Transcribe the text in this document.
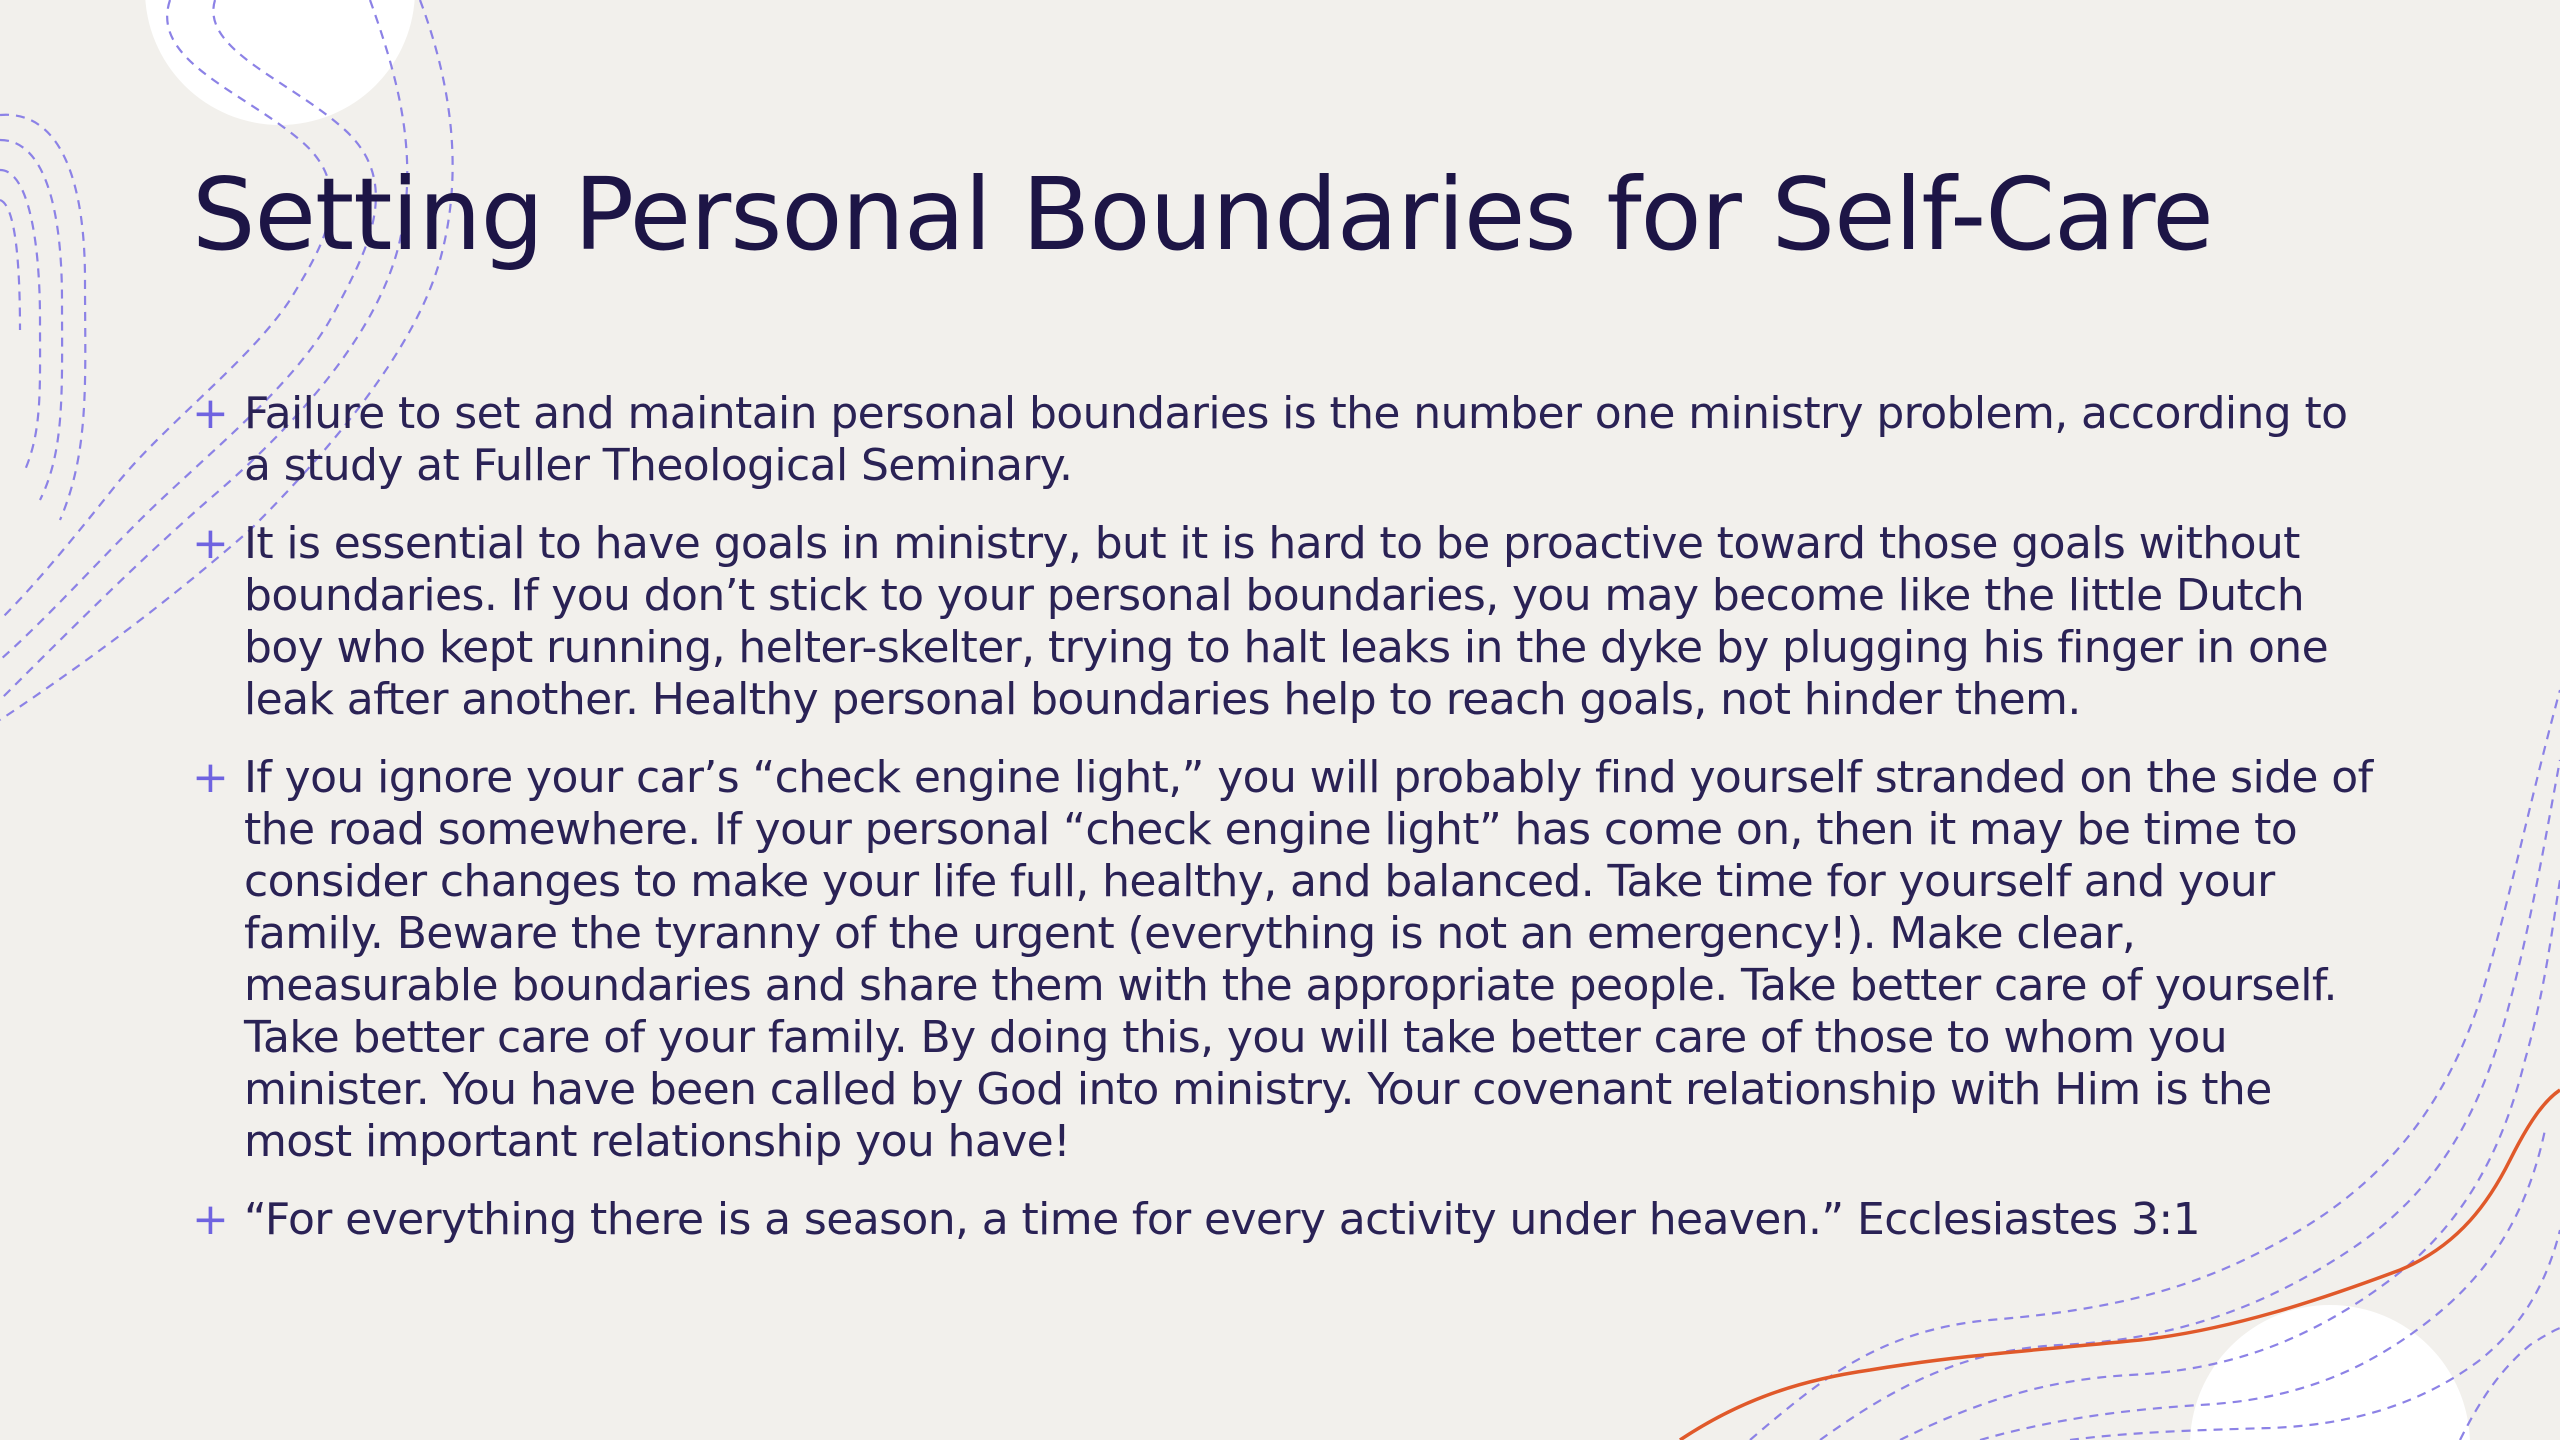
Setting Personal Boundaries for Self-Care
+ Failure to set and maintain personal boundaries is the number one ministry problem, according to a study at Fuller Theological Seminary.
+ It is essential to have goals in ministry, but it is hard to be proactive toward those goals without boundaries. If you don’t stick to your personal boundaries, you may become like the little Dutch boy who kept running, helter-skelter, trying to halt leaks in the dyke by plugging his finger in one leak after another. Healthy personal boundaries help to reach goals, not hinder them.
+ If you ignore your car’s “check engine light,” you will probably find yourself stranded on the side of the road somewhere. If your personal “check engine light” has come on, then it may be time to consider changes to make your life full, healthy, and balanced. Take time for yourself and your family. Beware the tyranny of the urgent (everything is not an emergency!). Make clear, measurable boundaries and share them with the appropriate people. Take better care of yourself. Take better care of your family. By doing this, you will take better care of those to whom you minister. You have been called by God into ministry. Your covenant relationship with Him is the most important relationship you have!
+ “For everything there is a season, a time for every activity under heaven.” Ecclesiastes 3:1
